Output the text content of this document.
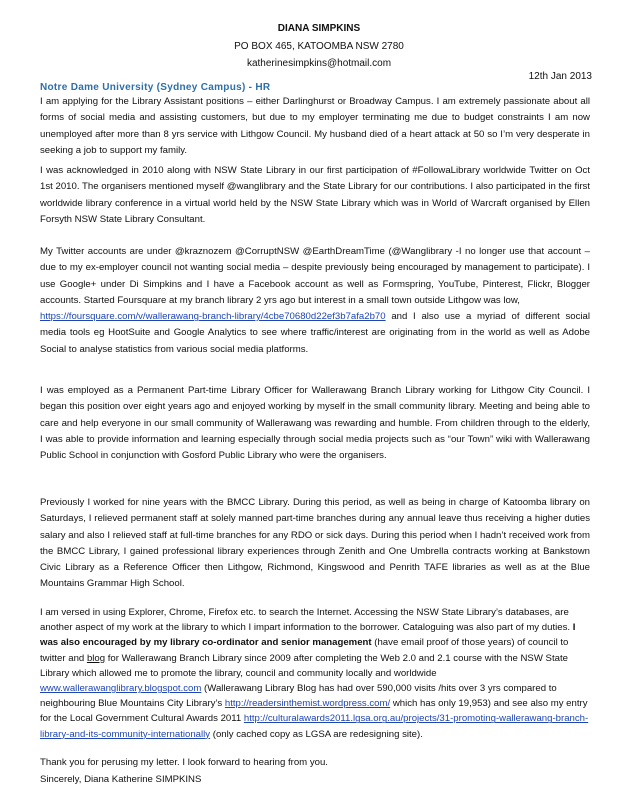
DIANA SIMPKINS
PO BOX 465, KATOOMBA NSW 2780
katherinesimpkins@hotmail.com
12th Jan 2013
Notre Dame University (Sydney Campus) - HR
I am applying for the Library Assistant positions – either Darlinghurst or Broadway Campus. I am extremely passionate about all forms of social media and assisting customers, but due to my employer terminating me due to budget constraints I am now unemployed after more than 8 yrs service with Lithgow Council. My husband died of a heart attack at 50 so I’m very desperate in seeking a job to support my family.
I was acknowledged in 2010 along with NSW State Library in our first participation of #FollowaLibrary worldwide Twitter on Oct 1st 2010. The organisers mentioned myself @wanglibrary and the State Library for our contributions. I also participated in the first worldwide library conference in a virtual world held by the NSW State Library which was in World of Warcraft organised by Ellen Forsyth NSW State Library Consultant.
My Twitter accounts are under @kraznozem @CorruptNSW @EarthDreamTime (@Wanglibrary -I no longer use that account – due to my ex-employer council not wanting social media – despite previously being encouraged by management to participate). I use Google+ under Di Simpkins and I have a Facebook account as well as Formspring, YouTube, Pinterest, Flickr, Blogger accounts. Started Foursquare at my branch library 2 yrs ago but interest in a small town outside Lithgow was low,
https://foursquare.com/v/wallerawang-branch-library/4cbe70680d22ef3b7afa2b70 and I also use a myriad of different social media tools eg HootSuite and Google Analytics to see where traffic/interest are originating from in the world as well as Adobe Social to analyse statistics from various social media platforms.
I was employed as a Permanent Part-time Library Officer for Wallerawang Branch Library working for Lithgow City Council. I began this position over eight years ago and enjoyed working by myself in the small community library. Meeting and being able to care and help everyone in our small community of Wallerawang was rewarding and humble. From children through to the elderly, I was able to provide information and learning especially through social media projects such as “our Town” wiki with Wallerawang Public School in conjunction with Gosford Public Library who were the organisers.
Previously I worked for nine years with the BMCC Library. During this period, as well as being in charge of Katoomba library on Saturdays, I relieved permanent staff at solely manned part-time branches during any annual leave thus receiving a higher duties salary and also I relieved staff at full-time branches for any RDO or sick days. During this period when I hadn’t received work from the BMCC Library, I gained professional library experiences through Zenith and One Umbrella contracts working at Bankstown Civic Library as a Reference Officer then Lithgow, Richmond, Kingswood and Penrith TAFE libraries as well as at the Blue Mountains Grammar High School.
I am versed in using Explorer, Chrome, Firefox etc. to search the Internet. Accessing the NSW State Library’s databases, are another aspect of my work at the library to which I impart information to the borrower. Cataloguing was also part of my duties. I was also encouraged by my library co-ordinator and senior management (have email proof of those years) of council to twitter and blog for Wallerawang Branch Library since 2009 after completing the Web 2.0 and 2.1 course with the NSW State Library which allowed me to promote the library, council and community locally and worldwide www.wallerawanglibrary.blogspot.com (Wallerawang Library Blog has had over 590,000 visits /hits over 3 yrs compared to neighbouring Blue Mountains City Library’s http://readersinthemist.wordpress.com/ which has only 19,953) and see also my entry for the Local Government Cultural Awards 2011 http://culturalawards2011.lgsa.org.au/projects/31-promoting-wallerawang-branch-library-and-its-community-internationally (only cached copy as LGSA are redesigning site).
Thank you for perusing my letter. I look forward to hearing from you.
Sincerely, Diana Katherine SIMPKINS
